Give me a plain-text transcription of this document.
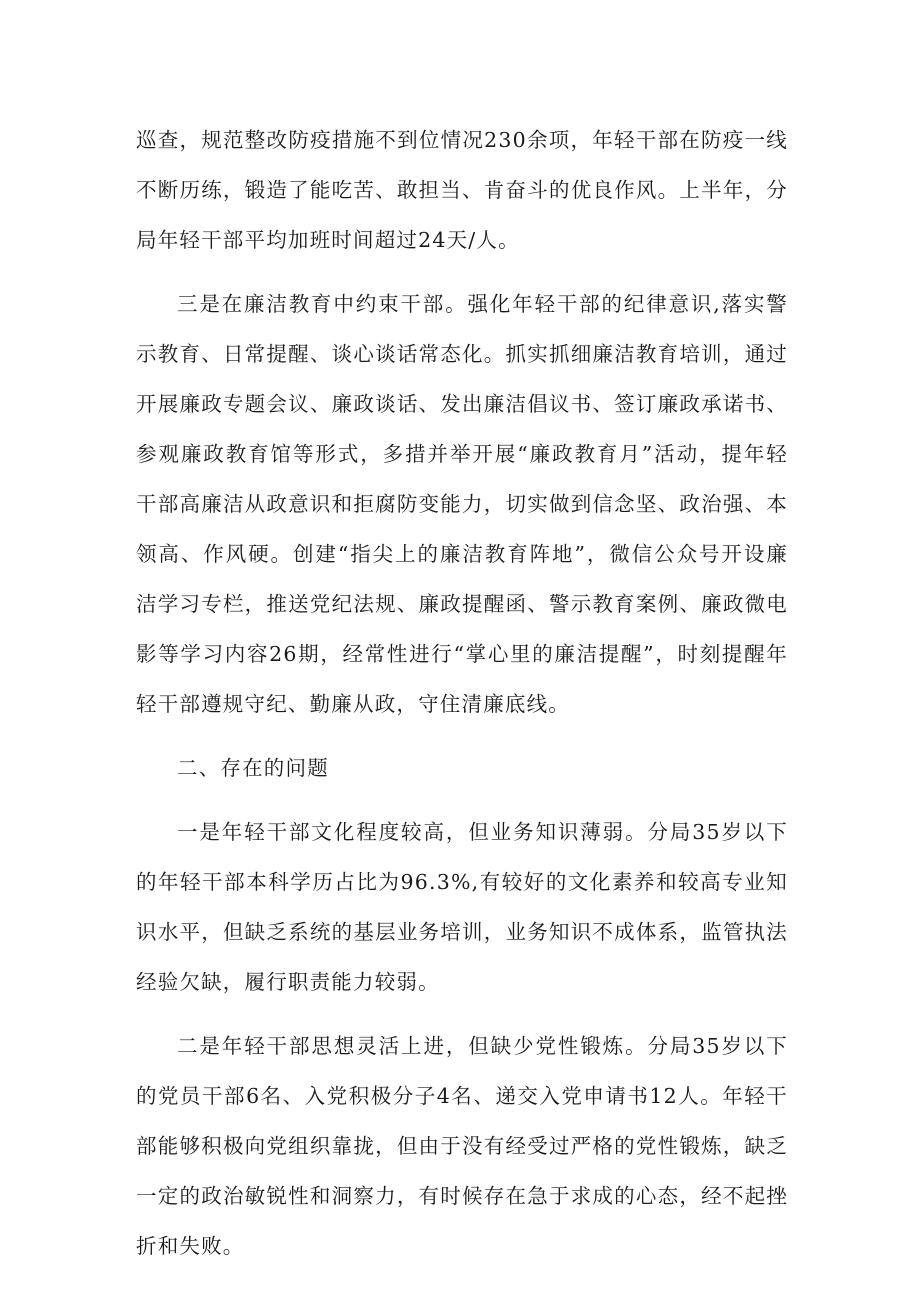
巡查，规范整改防疫措施不到位情况230余项，年轻干部在防疫一线不断历练，锻造了能吃苦、敢担当、肯奋斗的优良作风。上半年，分局年轻干部平均加班时间超过24天/人。

三是在廉洁教育中约束干部。强化年轻干部的纪律意识,落实警示教育、日常提醒、谈心谈话常态化。抓实抓细廉洁教育培训，通过开展廉政专题会议、廉政谈话、发出廉洁倡议书、签订廉政承诺书、参观廉政教育馆等形式，多措并举开展“廉政教育月”活动，提年轻干部高廉洁从政意识和拒腐防变能力，切实做到信念坚、政治强、本领高、作风硬。创建“指尖上的廉洁教育阵地”，微信公众号开设廉洁学习专栏，推送党纪法规、廉政提醒函、警示教育案例、廉政微电影等学习内容26期，经常性进行“掌心里的廉洁提醒”，时刻提醒年轻干部遵规守纪、勤廉从政，守住清廉底线。

二、存在的问题

一是年轻干部文化程度较高，但业务知识薄弱。分局35岁以下的年轻干部本科学历占比为96.3%,有较好的文化素养和较高专业知识水平，但缺乏系统的基层业务培训，业务知识不成体系，监管执法经验欠缺，履行职责能力较弱。

二是年轻干部思想灵活上进，但缺少党性锻炼。分局35岁以下的党员干部6名、入党积极分子4名、递交入党申请书12人。年轻干部能够积极向党组织靠拢，但由于没有经受过严格的党性锻炼，缺乏一定的政治敏锐性和洞察力，有时候存在急于求成的心态，经不起挫折和失败。
